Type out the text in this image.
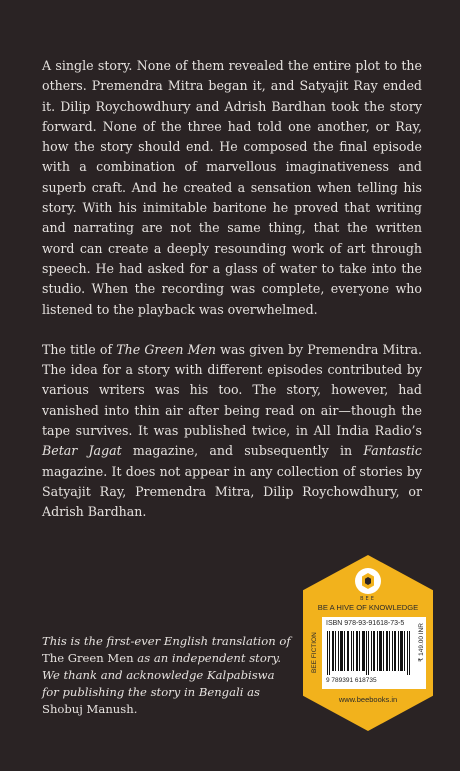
A single story. None of them revealed the entire plot to the others. Premendra Mitra began it, and Satyajit Ray ended it. Dilip Roychowdhury and Adrish Bardhan took the story forward. None of the three had told one another, or Ray, how the story should end. He composed the final episode with a combination of marvellous imaginativeness and superb craft. And he created a sensation when telling his story. With his inimitable baritone he proved that writing and narrating are not the same thing, that the written word can create a deeply resounding work of art through speech. He had asked for a glass of water to take into the studio. When the recording was complete, everyone who listened to the playback was overwhelmed.

The title of The Green Men was given by Premendra Mitra. The idea for a story with different episodes contributed by various writers was his too. The story, however, had vanished into thin air after being read on air—though the tape survives. It was published twice, in All India Radio’s Betar Jagat magazine, and subsequently in Fantastic magazine. It does not appear in any collection of stories by Satyajit Ray, Premendra Mitra, Dilip Roychowdhury, or Adrish Bardhan.

This is the first-ever English translation of The Green Men as an independent story. We thank and acknowledge Kalpabiswa for publishing the story in Bengali as Shobuj Manush.
BEE
BE A HIVE OF KNOWLEDGE
BEE FICTION
ISBN 978-93-91618-73-5
9 789391 618735
₹ 149.00 INR
www.beebooks.in
